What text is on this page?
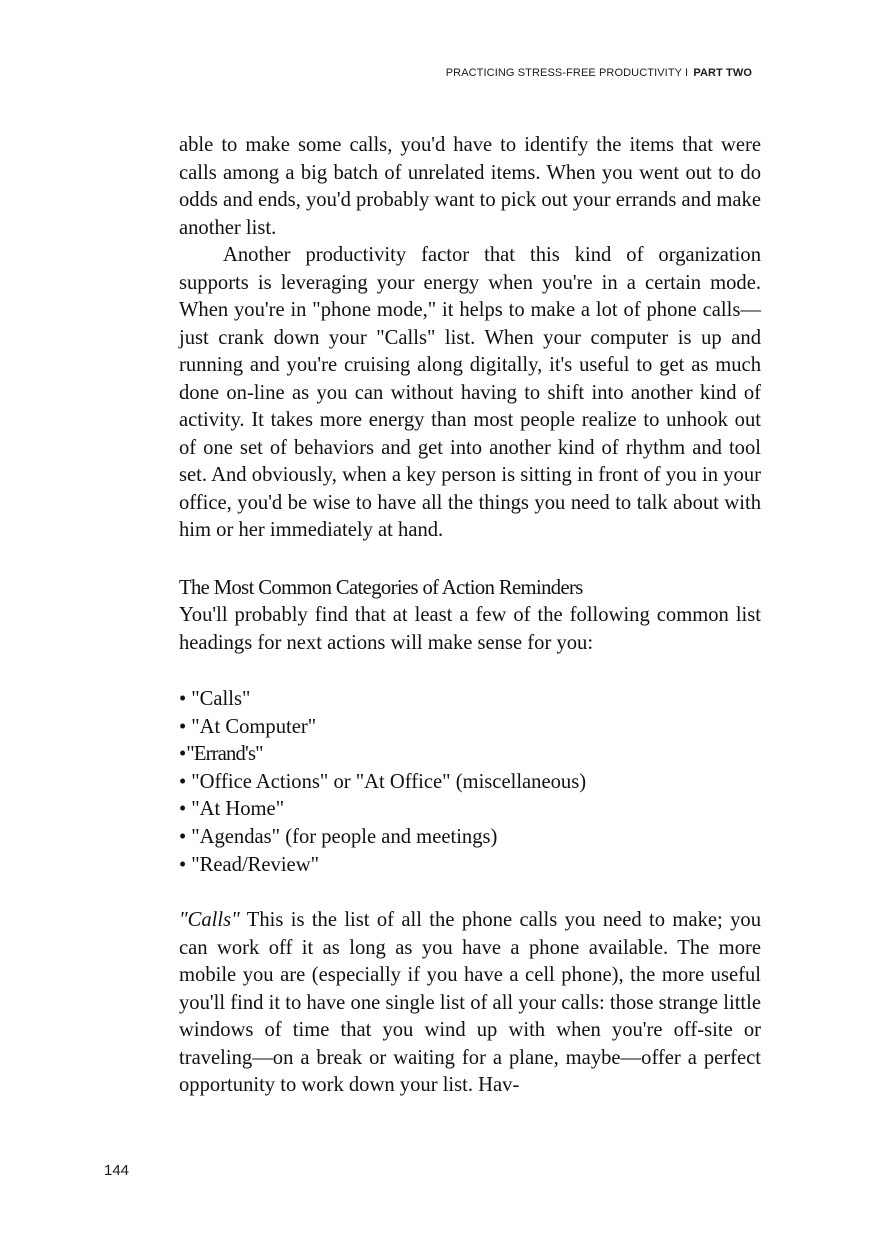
PRACTICING STRESS-FREE PRODUCTIVITY I PART TWO

able to make some calls, you'd have to identify the items that were calls among a big batch of unrelated items. When you went out to do odds and ends, you'd probably want to pick out your errands and make another list.

Another productivity factor that this kind of organization supports is leveraging your energy when you're in a certain mode. When you're in "phone mode," it helps to make a lot of phone calls—just crank down your "Calls" list. When your computer is up and running and you're cruising along digitally, it's useful to get as much done on-line as you can without having to shift into another kind of activity. It takes more energy than most people realize to unhook out of one set of behaviors and get into another kind of rhythm and tool set. And obviously, when a key person is sitting in front of you in your office, you'd be wise to have all the things you need to talk about with him or her immediately at hand.

The Most Common Categories of Action Reminders

You'll probably find that at least a few of the following common list headings for next actions will make sense for you:

• "Calls"
• "At Computer"
•"Errand's"
• "Office Actions" or "At Office" (miscellaneous)
• "At Home"
• "Agendas" (for people and meetings)
• "Read/Review"

"Calls" This is the list of all the phone calls you need to make; you can work off it as long as you have a phone available. The more mobile you are (especially if you have a cell phone), the more useful you'll find it to have one single list of all your calls: those strange little windows of time that you wind up with when you're off-site or traveling—on a break or waiting for a plane, maybe—offer a perfect opportunity to work down your list. Hav-

144
